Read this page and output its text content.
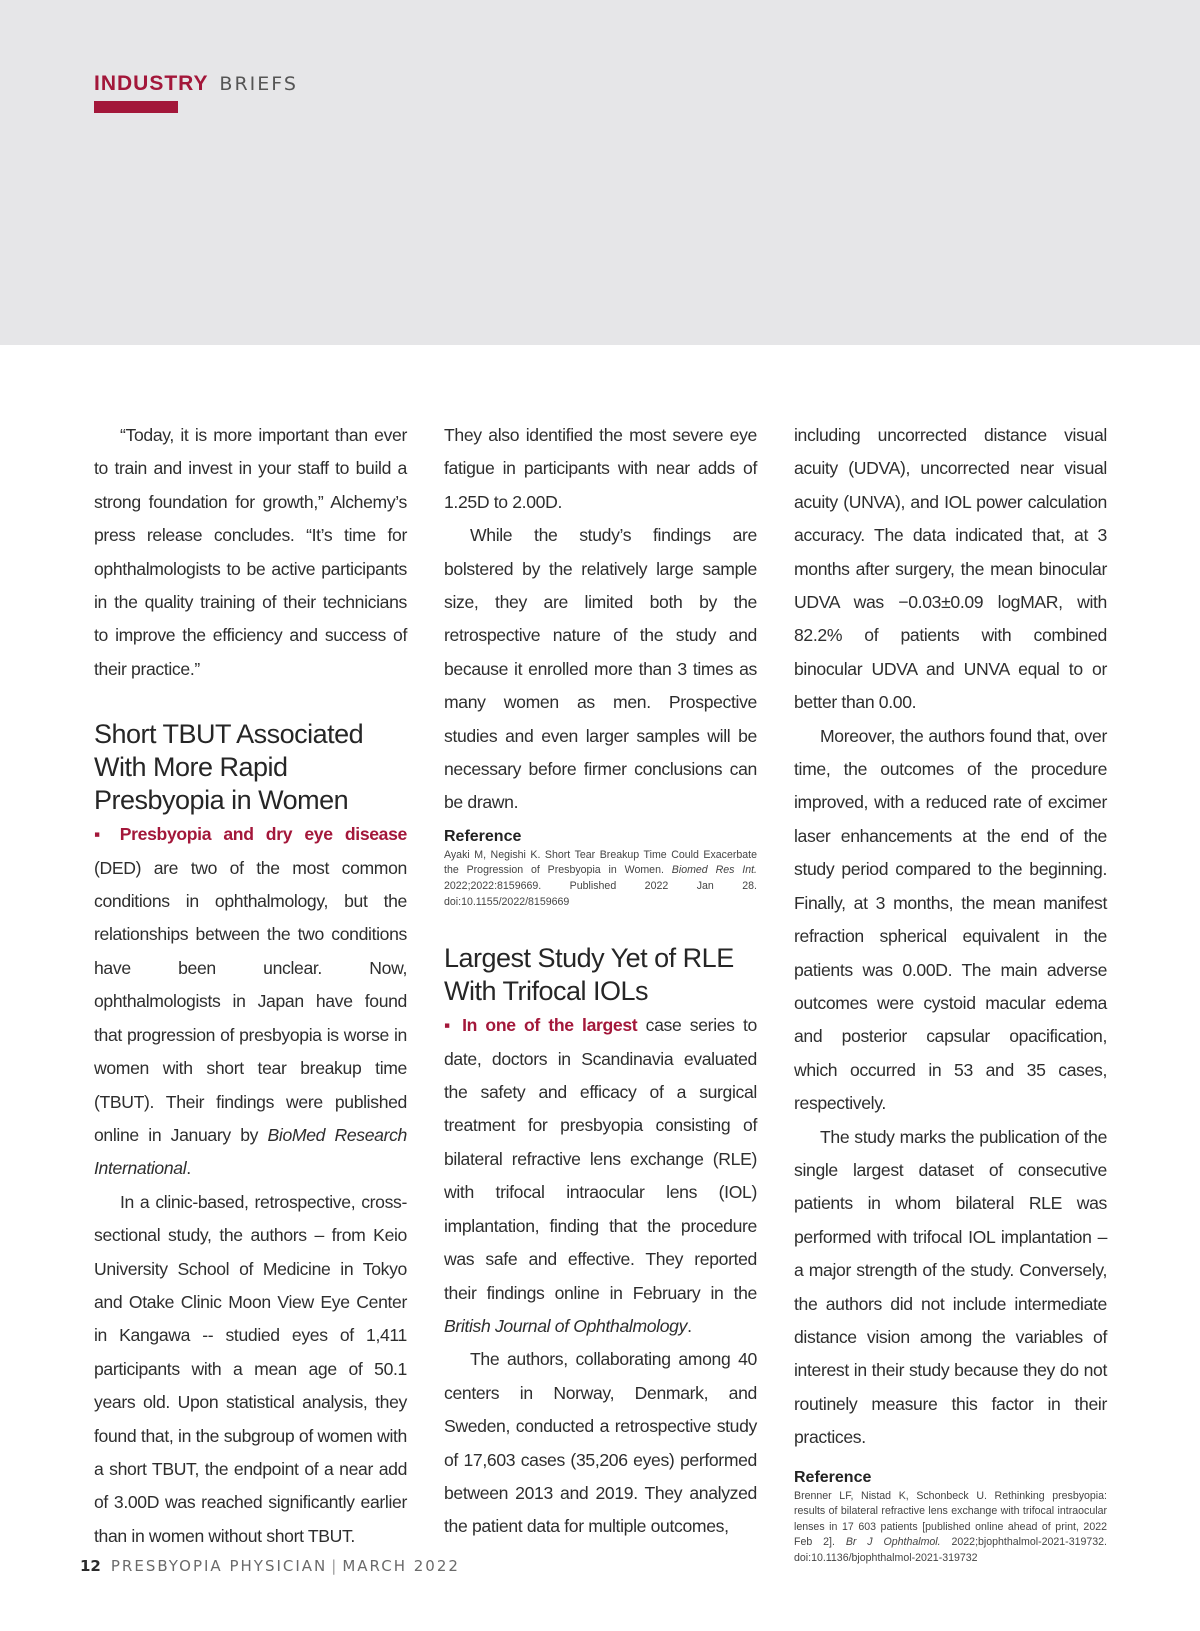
INDUSTRY BRIEFS

“Today, it is more important than ever to train and invest in your staff to build a strong foundation for growth,” Alchemy’s press release concludes. “It’s time for ophthalmologists to be active participants in the quality training of their technicians to improve the efficiency and success of their practice.”

Short TBUT Associated With More Rapid Presbyopia in Women

▪ Presbyopia and dry eye disease (DED) are two of the most common conditions in ophthalmology, but the relationships between the two conditions have been unclear. Now, ophthalmologists in Japan have found that progression of presbyopia is worse in women with short tear breakup time (TBUT). Their findings were published online in January by BioMed Research International.

In a clinic-based, retrospective, cross-sectional study, the authors – from Keio University School of Medicine in Tokyo and Otake Clinic Moon View Eye Center in Kangawa -- studied eyes of 1,411 participants with a mean age of 50.1 years old. Upon statistical analysis, they found that, in the subgroup of women with a short TBUT, the endpoint of a near add of 3.00D was reached significantly earlier than in women without short TBUT.

They also identified the most severe eye fatigue in participants with near adds of 1.25D to 2.00D.

While the study’s findings are bolstered by the relatively large sample size, they are limited both by the retrospective nature of the study and because it enrolled more than 3 times as many women as men. Prospective studies and even larger samples will be necessary before firmer conclusions can be drawn.

Reference

Ayaki M, Negishi K. Short Tear Breakup Time Could Exacerbate the Progression of Presbyopia in Women. Biomed Res Int. 2022;2022:8159669. Published 2022 Jan 28. doi:10.1155/2022/8159669

Largest Study Yet of RLE With Trifocal IOLs

▪ In one of the largest case series to date, doctors in Scandinavia evaluated the safety and efficacy of a surgical treatment for presbyopia consisting of bilateral refractive lens exchange (RLE) with trifocal intraocular lens (IOL) implantation, finding that the procedure was safe and effective. They reported their findings online in February in the British Journal of Ophthalmology.

The authors, collaborating among 40 centers in Norway, Denmark, and Sweden, conducted a retrospective study of 17,603 cases (35,206 eyes) performed between 2013 and 2019. They analyzed the patient data for multiple outcomes,

including uncorrected distance visual acuity (UDVA), uncorrected near visual acuity (UNVA), and IOL power calculation accuracy. The data indicated that, at 3 months after surgery, the mean binocular UDVA was −0.03±0.09 logMAR, with 82.2% of patients with combined binocular UDVA and UNVA equal to or better than 0.00.

Moreover, the authors found that, over time, the outcomes of the procedure improved, with a reduced rate of excimer laser enhancements at the end of the study period compared to the beginning. Finally, at 3 months, the mean manifest refraction spherical equivalent in the patients was 0.00D. The main adverse outcomes were cystoid macular edema and posterior capsular opacification, which occurred in 53 and 35 cases, respectively.

The study marks the publication of the single largest dataset of consecutive patients in whom bilateral RLE was performed with trifocal IOL implantation – a major strength of the study. Conversely, the authors did not include intermediate distance vision among the variables of interest in their study because they do not routinely measure this factor in their practices.

Reference

Brenner LF, Nistad K, Schonbeck U. Rethinking presbyopia: results of bilateral refractive lens exchange with trifocal intraocular lenses in 17 603 patients [published online ahead of print, 2022 Feb 2]. Br J Ophthalmol. 2022;bjophthalmol-2021-319732. doi:10.1136/bjophthalmol-2021-319732

12 PRESBYOPIA PHYSICIAN | MARCH 2022
